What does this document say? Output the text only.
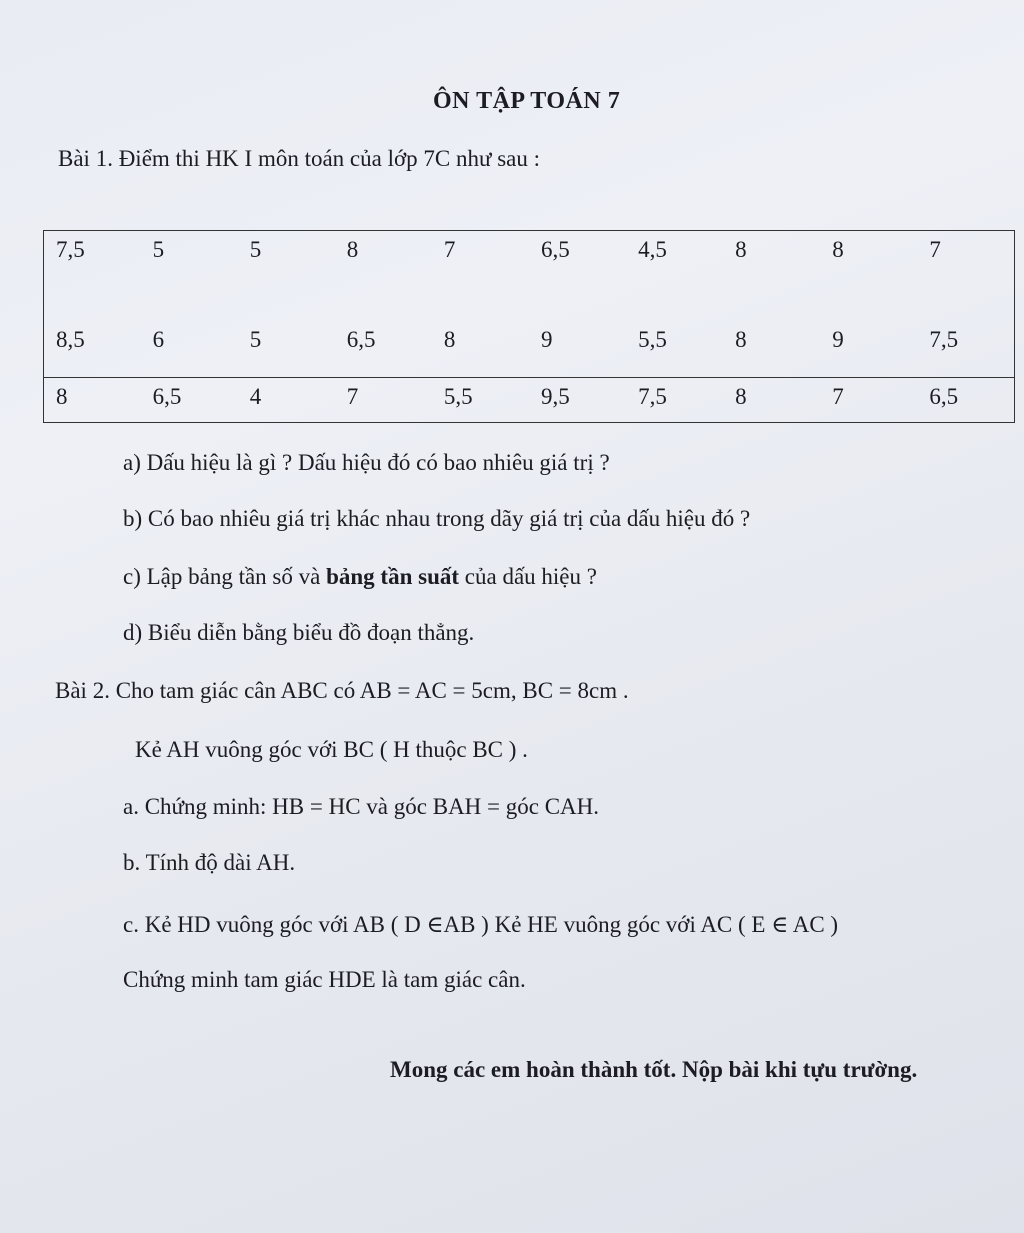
ÔN TẬP TOÁN 7
Bài 1. Điểm thi HK I môn toán của lớp 7C như sau :
7,5	5	5	8	7	6,5	4,5	8	8	7
8,5	6	5	6,5	8	9	5,5	8	9	7,5
8	6,5	4	7	5,5	9,5	7,5	8	7	6,5
a) Dấu hiệu là gì ? Dấu hiệu đó có bao nhiêu giá trị ?
b) Có bao nhiêu giá trị khác nhau trong dãy giá trị của dấu hiệu đó ?
c) Lập bảng tần số và bảng tần suất của dấu hiệu ?
d) Biểu diễn bằng biểu đồ đoạn thẳng.
Bài 2. Cho tam giác cân ABC có AB = AC = 5cm, BC = 8cm .
Kẻ AH vuông góc với BC ( H thuộc BC ) .
a. Chứng minh: HB = HC và góc BAH = góc CAH.
b. Tính độ dài AH.
c. Kẻ HD vuông góc với AB ( D ∈AB ) Kẻ HE vuông góc với AC ( E ∈ AC )
Chứng minh tam giác HDE là tam giác cân.
Mong các em hoàn thành tốt. Nộp bài khi tựu trường.
